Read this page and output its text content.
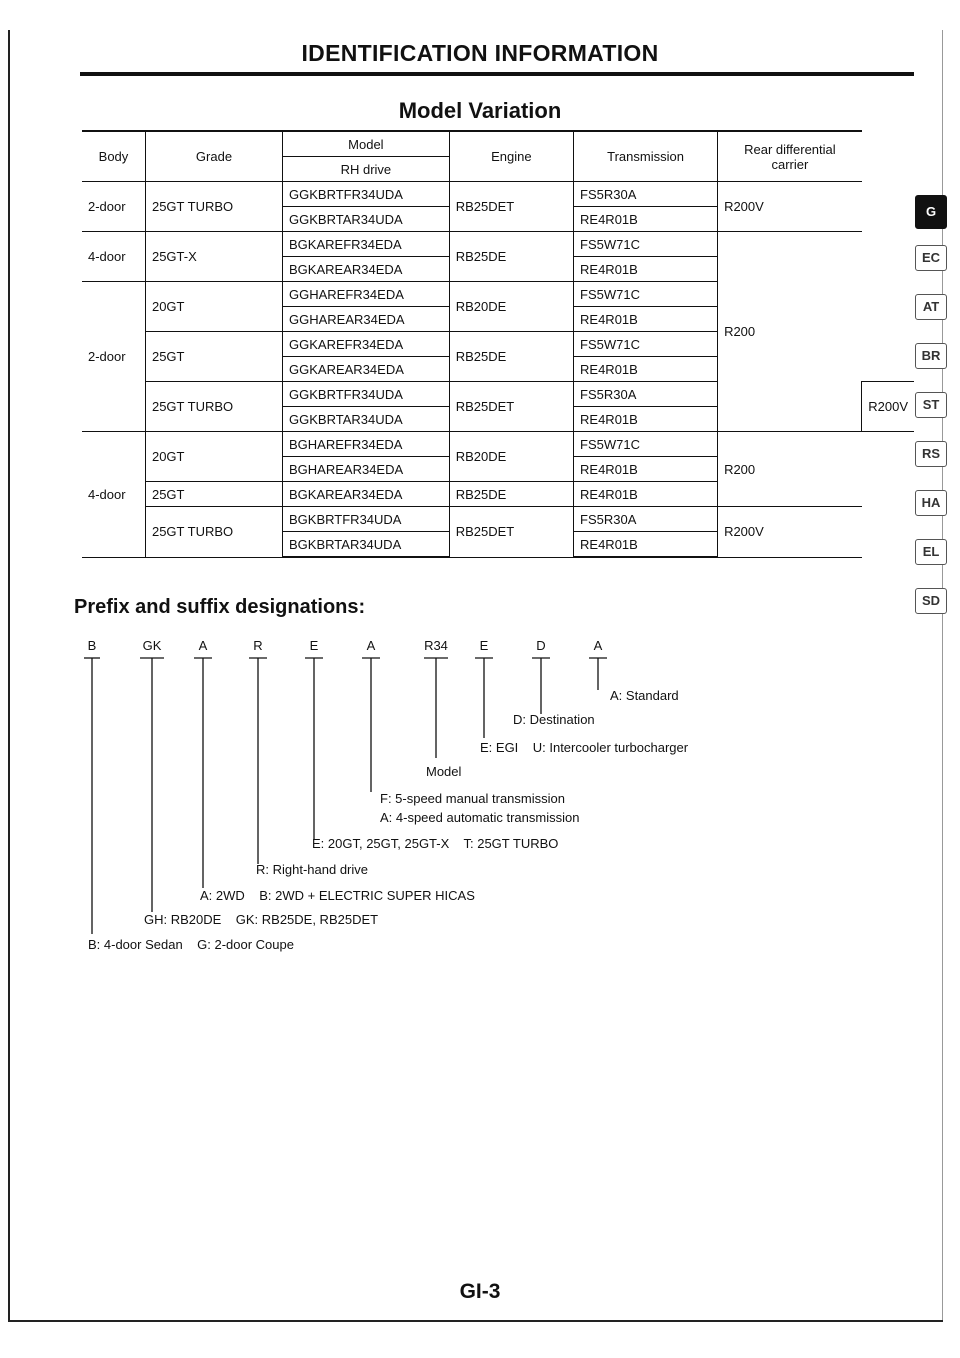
IDENTIFICATION INFORMATION
Model Variation
Body	Grade	Model	Engine	Transmission	Rear differential carrier	
		RH drive				
2-door	25GT TURBO	GGKBRTFR34UDA	RB25DET	FS5R30A	R200V	
		GGKBRTAR34UDA		RE4R01B		
4-door	25GT-X	BGKAREFR34EDA	RB25DE	FS5W71C	R200	
		BGKAREAR34EDA		RE4R01B		
2-door	20GT	GGHAREFR34EDA	RB20DE	FS5W71C		
		GGHAREAR34EDA		RE4R01B		
	25GT	GGKAREFR34EDA	RB25DE	FS5W71C		
		GGKAREAR34EDA		RE4R01B		
	25GT TURBO	GGKBRTFR34UDA	RB25DET	FS5R30A		R200V
		GGKBRTAR34UDA		RE4R01B		
4-door	20GT	BGHAREFR34EDA	RB20DE	FS5W71C	R200	
		BGHAREAR34EDA		RE4R01B		
	25GT	BGKAREAR34EDA	RB25DE	RE4R01B		
	25GT TURBO	BGKBRTFR34UDA	RB25DET	FS5R30A	R200V	
		BGKBRTAR34UDA		RE4R01B		
Prefix and suffix designations:
B	GK	A	R	E	A	R34 E	D	A
A: Standard
D: Destination
E: EGI    U: Intercooler turbocharger
Model
F: 5-speed manual transmission
A: 4-speed automatic transmission
E: 20GT, 25GT, 25GT-X    T: 25GT TURBO
R: Right-hand drive
A: 2WD    B: 2WD + ELECTRIC SUPER HICAS
GH: RB20DE    GK: RB25DE, RB25DET
B: 4-door Sedan    G: 2-door Coupe
GI-3
G
EC
AT
BR
ST
RS
HA
EL
SD
